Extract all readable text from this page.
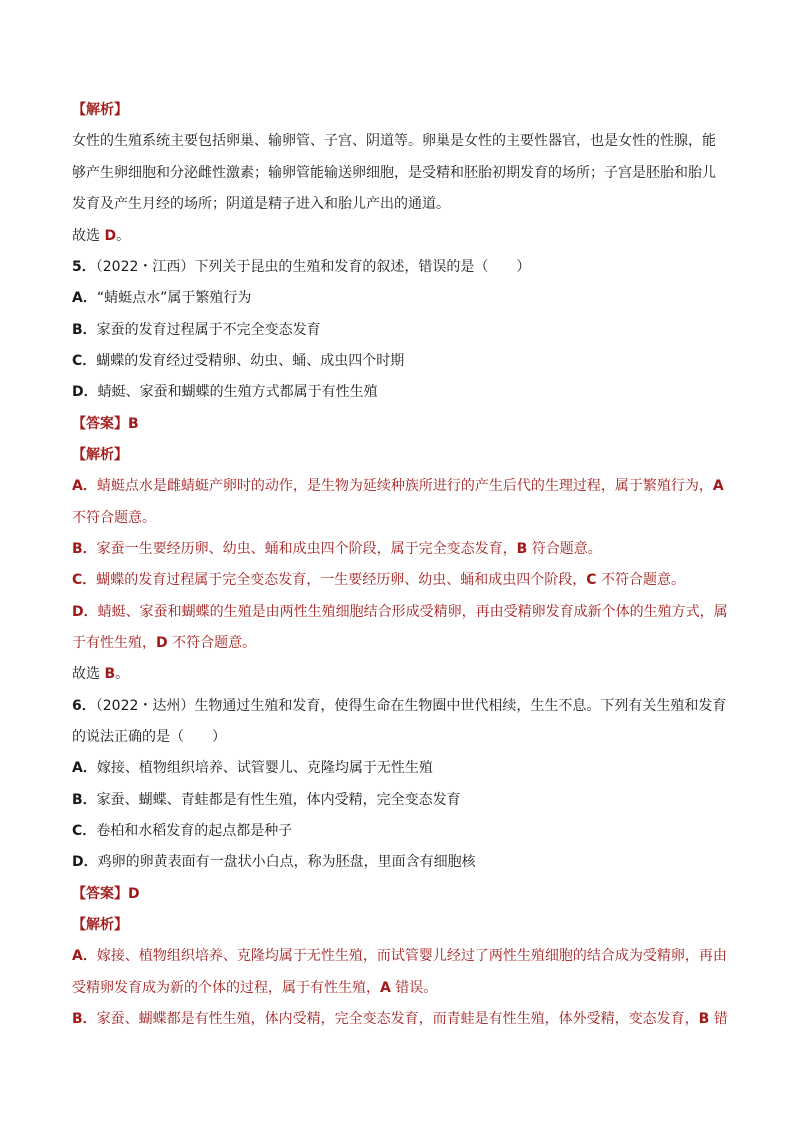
【解析】
女性的生殖系统主要包括卵巢、输卵管、子宫、阴道等。卵巢是女性的主要性器官，也是女性的性腺，能
够产生卵细胞和分泌雌性激素；输卵管能输送卵细胞，是受精和胚胎初期发育的场所；子宫是胚胎和胎儿
发育及产生月经的场所；阴道是精子进入和胎儿产出的通道。
故选 D。
5．（2022・江西）下列关于昆虫的生殖和发育的叙述，错误的是（　　）
A．“蜻蜓点水”属于繁殖行为
B．家蚕的发育过程属于不完全变态发育
C．蝴蝶的发育经过受精卵、幼虫、蛹、成虫四个时期
D．蜻蜓、家蚕和蝴蝶的生殖方式都属于有性生殖
【答案】B
【解析】
A．蜻蜓点水是雌蜻蜓产卵时的动作，是生物为延续种族所进行的产生后代的生理过程，属于繁殖行为，A
不符合题意。
B．家蚕一生要经历卵、幼虫、蛹和成虫四个阶段，属于完全变态发育，B 符合题意。
C．蝴蝶的发育过程属于完全变态发育，一生要经历卵、幼虫、蛹和成虫四个阶段，C 不符合题意。
D．蜻蜓、家蚕和蝴蝶的生殖是由两性生殖细胞结合形成受精卵，再由受精卵发育成新个体的生殖方式，属
于有性生殖，D 不符合题意。
故选 B。
6．（2022・达州）生物通过生殖和发育，使得生命在生物圈中世代相续，生生不息。下列有关生殖和发育
的说法正确的是（　　）
A．嫁接、植物组织培养、试管婴儿、克隆均属于无性生殖
B．家蚕、蝴蝶、青蛙都是有性生殖，体内受精，完全变态发育
C．卷柏和水稻发育的起点都是种子
D．鸡卵的卵黄表面有一盘状小白点，称为胚盘，里面含有细胞核
【答案】D
【解析】
A．嫁接、植物组织培养、克隆均属于无性生殖，而试管婴儿经过了两性生殖细胞的结合成为受精卵，再由
受精卵发育成为新的个体的过程，属于有性生殖，A 错误。
B．家蚕、蝴蝶都是有性生殖，体内受精，完全变态发育，而青蛙是有性生殖，体外受精，变态发育，B 错
